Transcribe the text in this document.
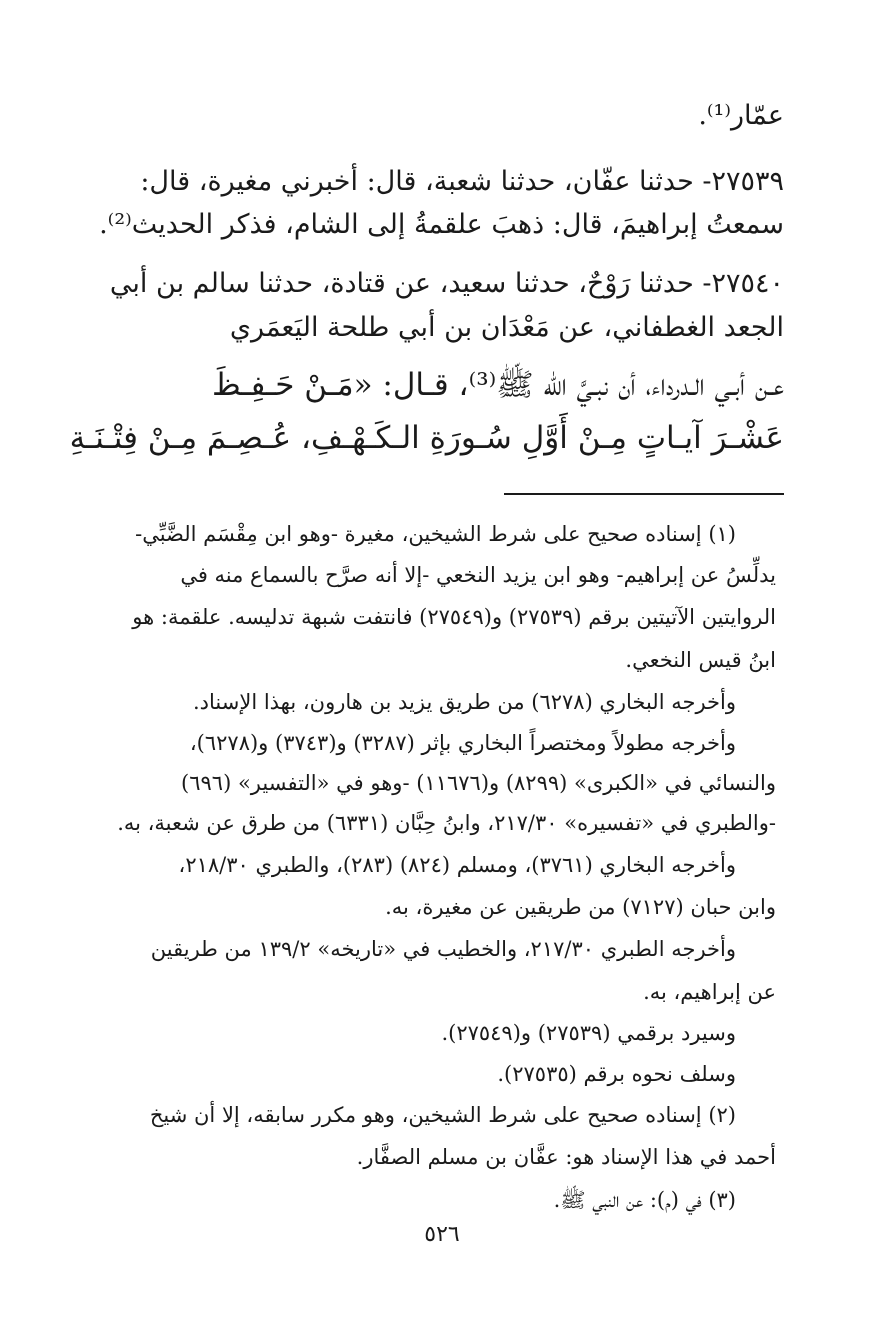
عمّار⁽¹⁾.
٢٧٥٣٩- حدثنا عفّان، حدثنا شعبة، قال: أخبرني مغيرة، قال:
سمعتُ إبراهيمَ، قال: ذهبَ علقمةُ إلى الشام، فذكر الحديث⁽²⁾.
٢٧٥٤٠- حدثنا رَوْحٌ، حدثنا سعيد، عن قتادة، حدثنا سالم بن أبي
الجعد الغطفاني، عن مَعْدَان بن أبي طلحة اليَعمَري
عـن أبـي الـدرداء، أن نبـيَّ الله ﷺ⁽³⁾، قـال: «مَـنْ حَـفِـظَ
عَشْـرَ آيـاتٍ مِـنْ أَوَّلِ سُـورَةِ الـكَـهْـفِ، عُـصِـمَ مِـنْ فِتْـنَـةِ
(١) إسناده صحيح على شرط الشيخين، مغيرة -وهو ابن مِقْسَم الضَّبِّي-
يدلِّسُ عن إبراهيم- وهو ابن يزيد النخعي -إلا أنه صرَّح بالسماع منه في
الروايتين الآتيتين برقم (٢٧٥٣٩) و(٢٧٥٤٩) فانتفت شبهة تدليسه. علقمة: هو
ابنُ قيس النخعي.
وأخرجه البخاري (٦٢٧٨) من طريق يزيد بن هارون، بهذا الإسناد.
وأخرجه مطولاً ومختصراً البخاري بإثر (٣٢٨٧) و(٣٧٤٣) و(٦٢٧٨)،
والنسائي في «الكبرى» (٨٢٩٩) و(١١٦٧٦) -وهو في «التفسير» (٦٩٦)
-والطبري في «تفسيره» ٢١٧/٣٠، وابنُ حِبَّان (٦٣٣١) من طرق عن شعبة، به.
وأخرجه البخاري (٣٧٦١)، ومسلم (٨٢٤) (٢٨٣)، والطبري ٢١٨/٣٠،
وابن حبان (٧١٢٧) من طريقين عن مغيرة، به.
وأخرجه الطبري ٢١٧/٣٠، والخطيب في «تاريخه» ١٣٩/٢ من طريقين
عن إبراهيم، به.
وسيرد برقمي (٢٧٥٣٩) و(٢٧٥٤٩).
وسلف نحوه برقم (٢٧٥٣٥).
(٢) إسناده صحيح على شرط الشيخين، وهو مكرر سابقه، إلا أن شيخ
أحمد في هذا الإسناد هو: عفَّان بن مسلم الصفَّار.
(٣) في (م): عن النبي ﷺ.
٥٢٦
